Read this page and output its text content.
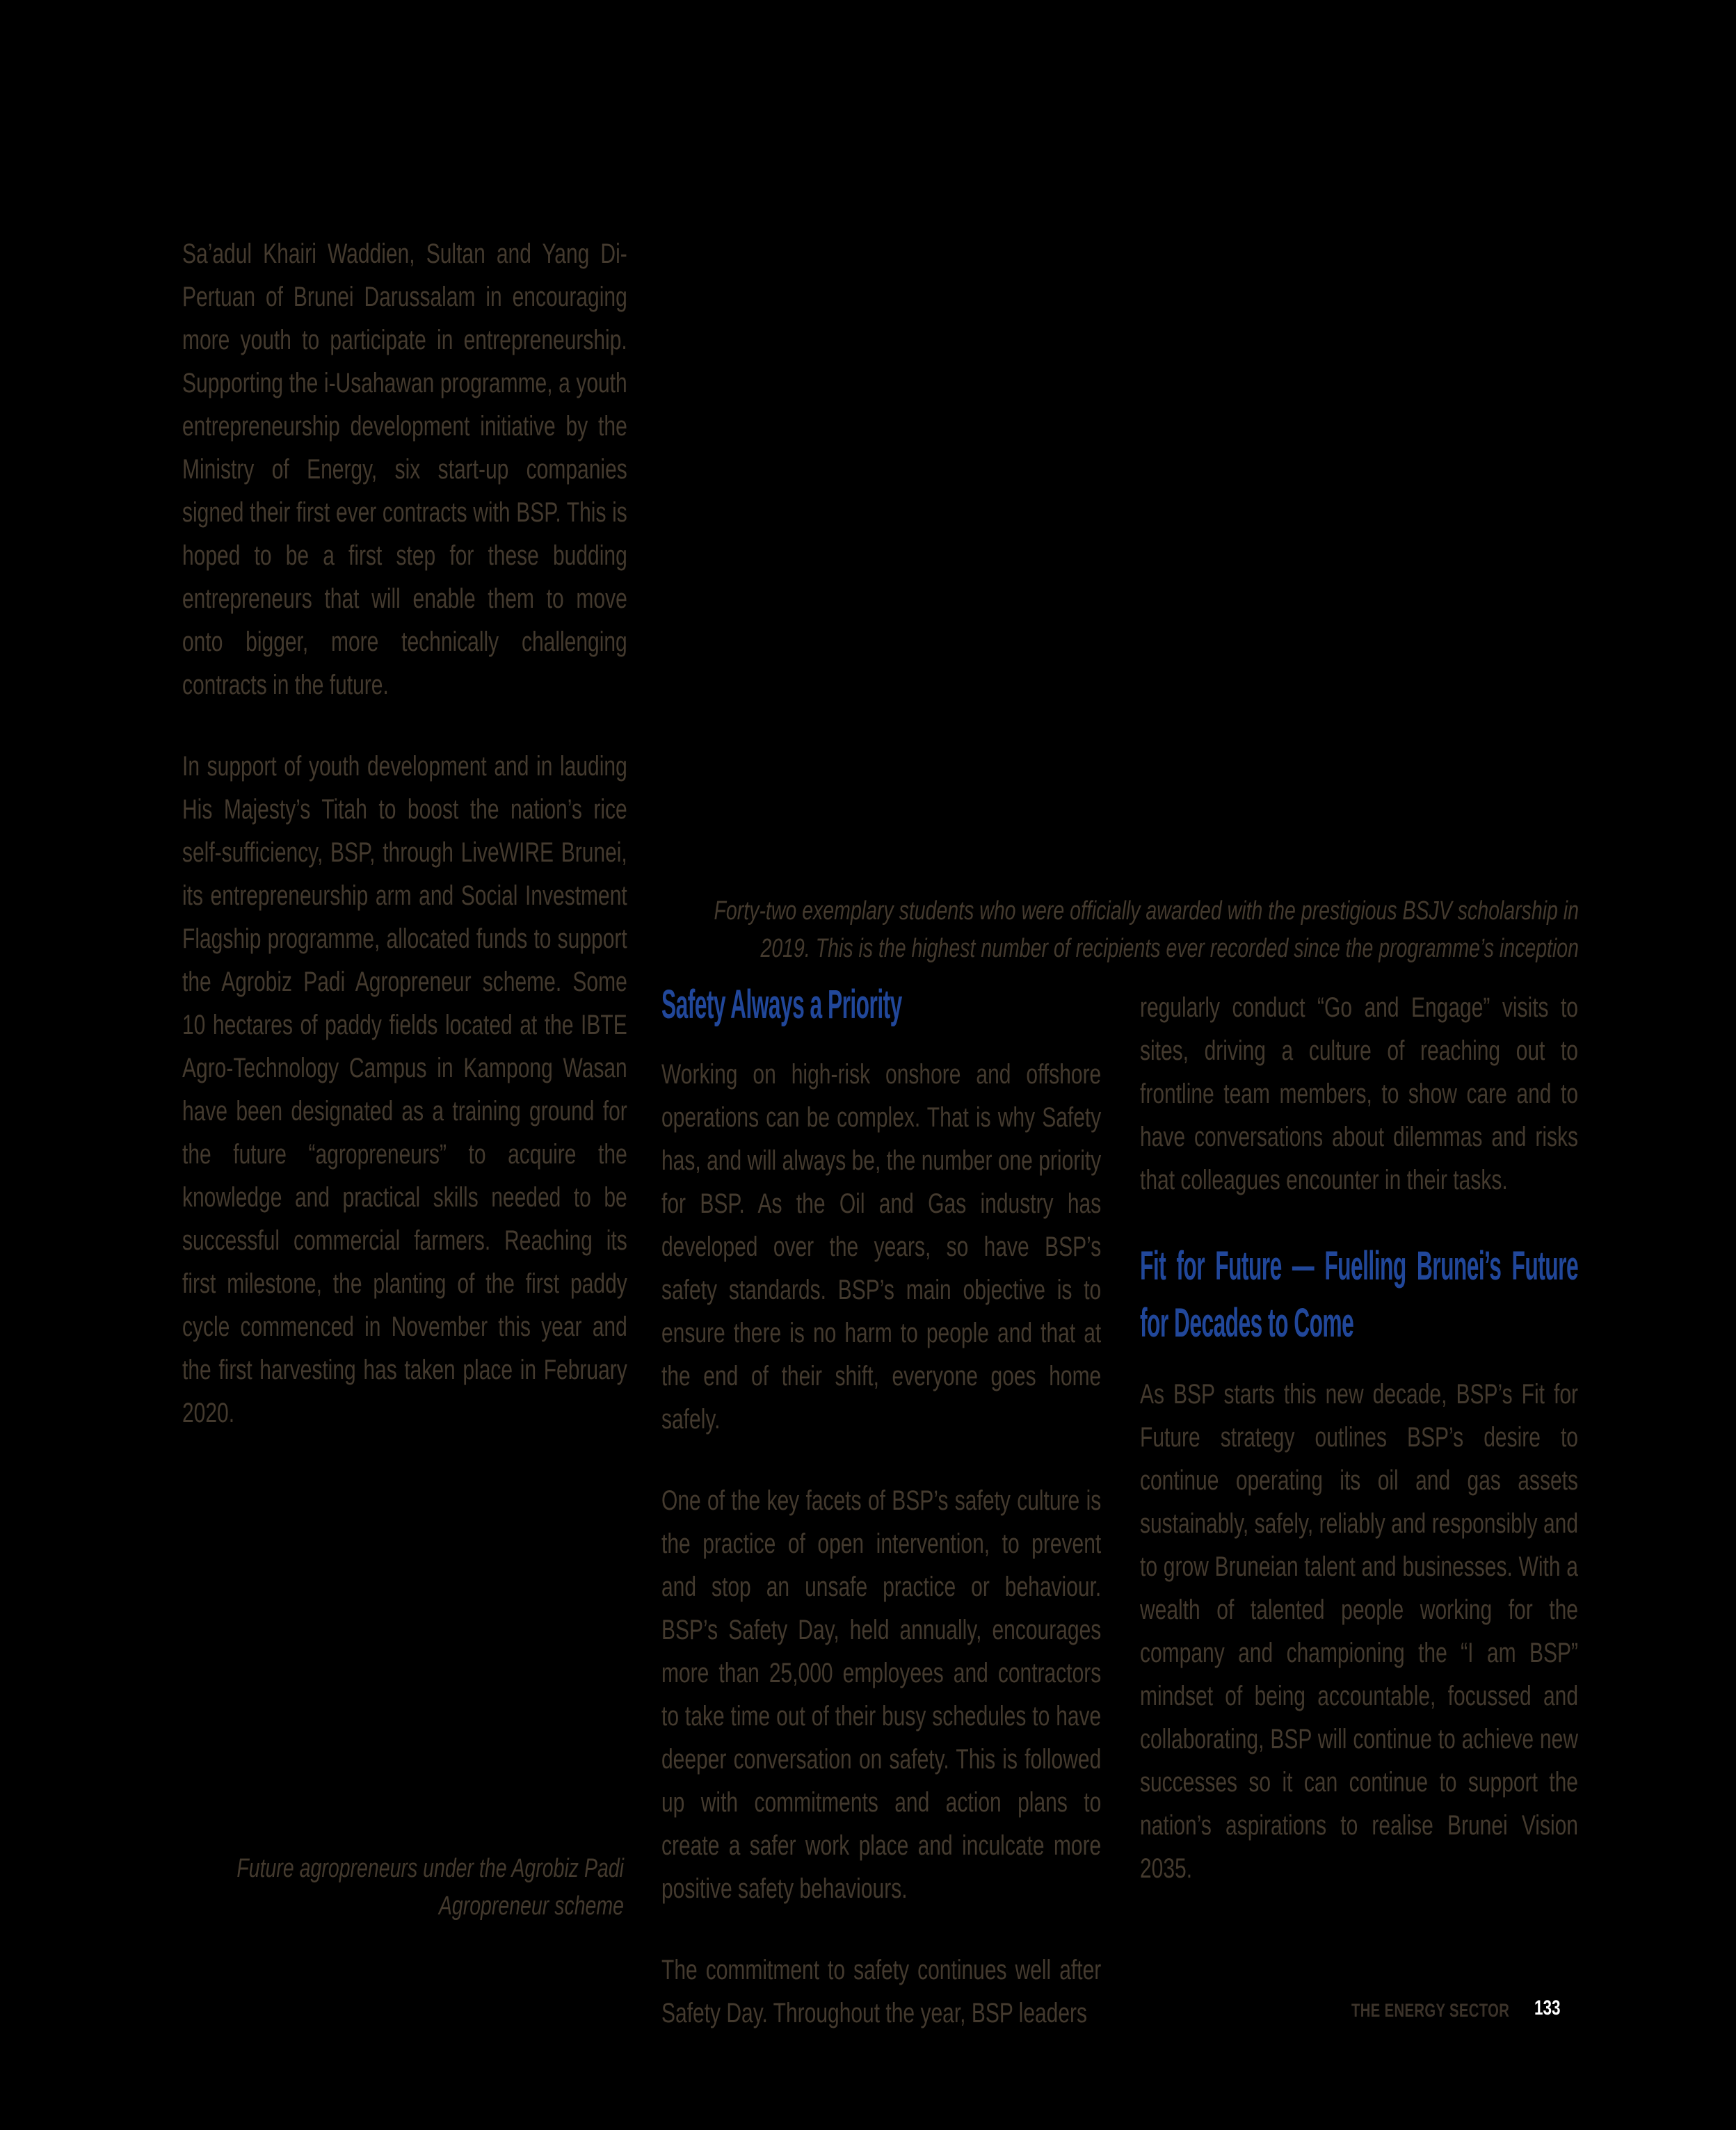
Sa’adul Khairi Waddien, Sultan and Yang Di-Pertuan of Brunei Darussalam in encouraging more youth to participate in entrepreneurship. Supporting the i-Usahawan programme, a youth entrepreneurship development initiative by the Ministry of Energy, six start-up companies signed their first ever contracts with BSP. This is hoped to be a first step for these budding entrepreneurs that will enable them to move onto bigger, more technically challenging contracts in the future.

In support of youth development and in lauding His Majesty’s Titah to boost the nation’s rice self-sufficiency, BSP, through LiveWIRE Brunei, its entrepreneurship arm and Social Investment Flagship programme, allocated funds to support the Agrobiz Padi Agropreneur scheme. Some 10 hectares of paddy fields located at the IBTE Agro-Technology Campus in Kampong Wasan have been designated as a training ground for the future “agropreneurs” to acquire the knowledge and practical skills needed to be successful commercial farmers. Reaching its first milestone, the planting of the first paddy cycle commenced in November this year and the first harvesting has taken place in February 2020.

Forty-two exemplary students who were officially awarded with the prestigious BSJV scholarship in 2019. This is the highest number of recipients ever recorded since the programme’s inception
Safety Always a Priority

Working on high-risk onshore and offshore operations can be complex. That is why Safety has, and will always be, the number one priority for BSP. As the Oil and Gas industry has developed over the years, so have BSP’s safety standards. BSP’s main objective is to ensure there is no harm to people and that at the end of their shift, everyone goes home safely.

One of the key facets of BSP’s safety culture is the practice of open intervention, to prevent and stop an unsafe practice or behaviour. BSP’s Safety Day, held annually, encourages more than 25,000 employees and contractors to take time out of their busy schedules to have deeper conversation on safety. This is followed up with commitments and action plans to create a safer work place and inculcate more positive safety behaviours.

The commitment to safety continues well after Safety Day. Throughout the year, BSP leaders

regularly conduct “Go and Engage” visits to sites, driving a culture of reaching out to frontline team members, to show care and to have conversations about dilemmas and risks that colleagues encounter in their tasks.

Fit for Future — Fuelling Brunei’s Future for Decades to Come

As BSP starts this new decade, BSP’s Fit for Future strategy outlines BSP’s desire to continue operating its oil and gas assets sustainably, safely, reliably and responsibly and to grow Bruneian talent and businesses. With a wealth of talented people working for the company and championing the “I am BSP” mindset of being accountable, focussed and collaborating, BSP will continue to achieve new successes so it can continue to support the nation’s aspirations to realise Brunei Vision 2035.

Future agropreneurs under the Agrobiz Padi Agropreneur scheme
THE ENERGY SECTOR 133
